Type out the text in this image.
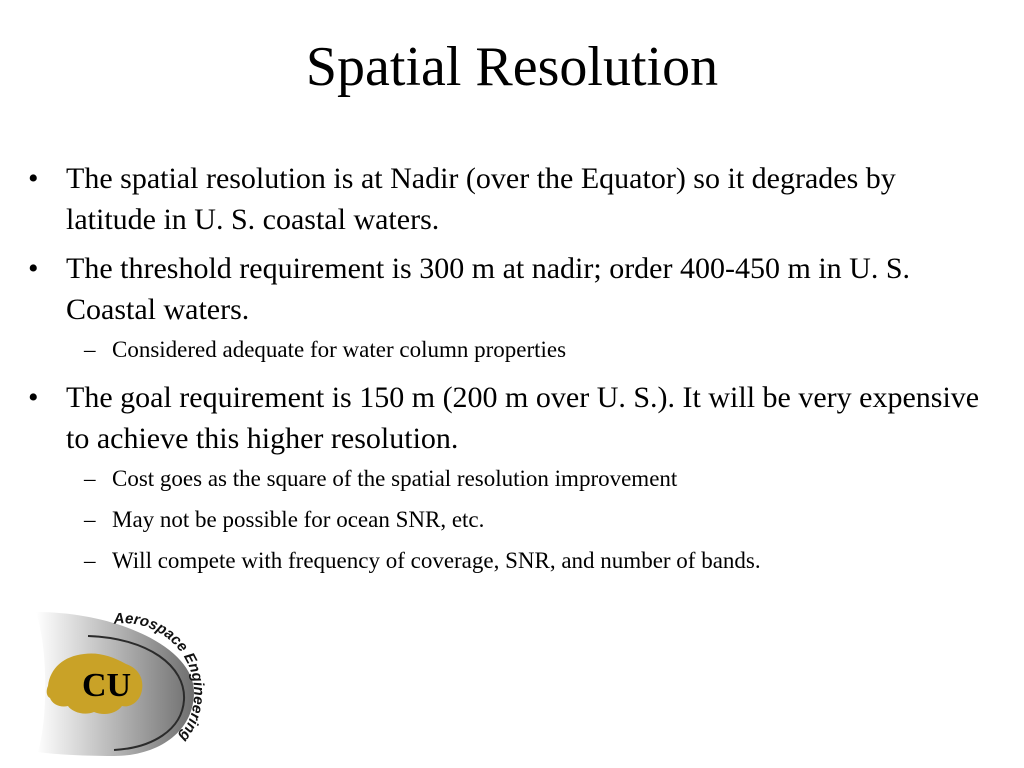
Spatial Resolution
• The spatial resolution is at Nadir (over the Equator) so it degrades by latitude in U. S. coastal waters.
• The threshold requirement is 300 m at nadir; order 400-450 m in U. S. Coastal waters.
– Considered adequate for water column properties
• The goal requirement is 150 m (200 m over U. S.). It will be very expensive to achieve this higher resolution.
– Cost goes as the square of the spatial resolution improvement
– May not be possible for ocean SNR, etc.
– Will compete with frequency of coverage, SNR, and number of bands.
CU
Aerospace Engineering
